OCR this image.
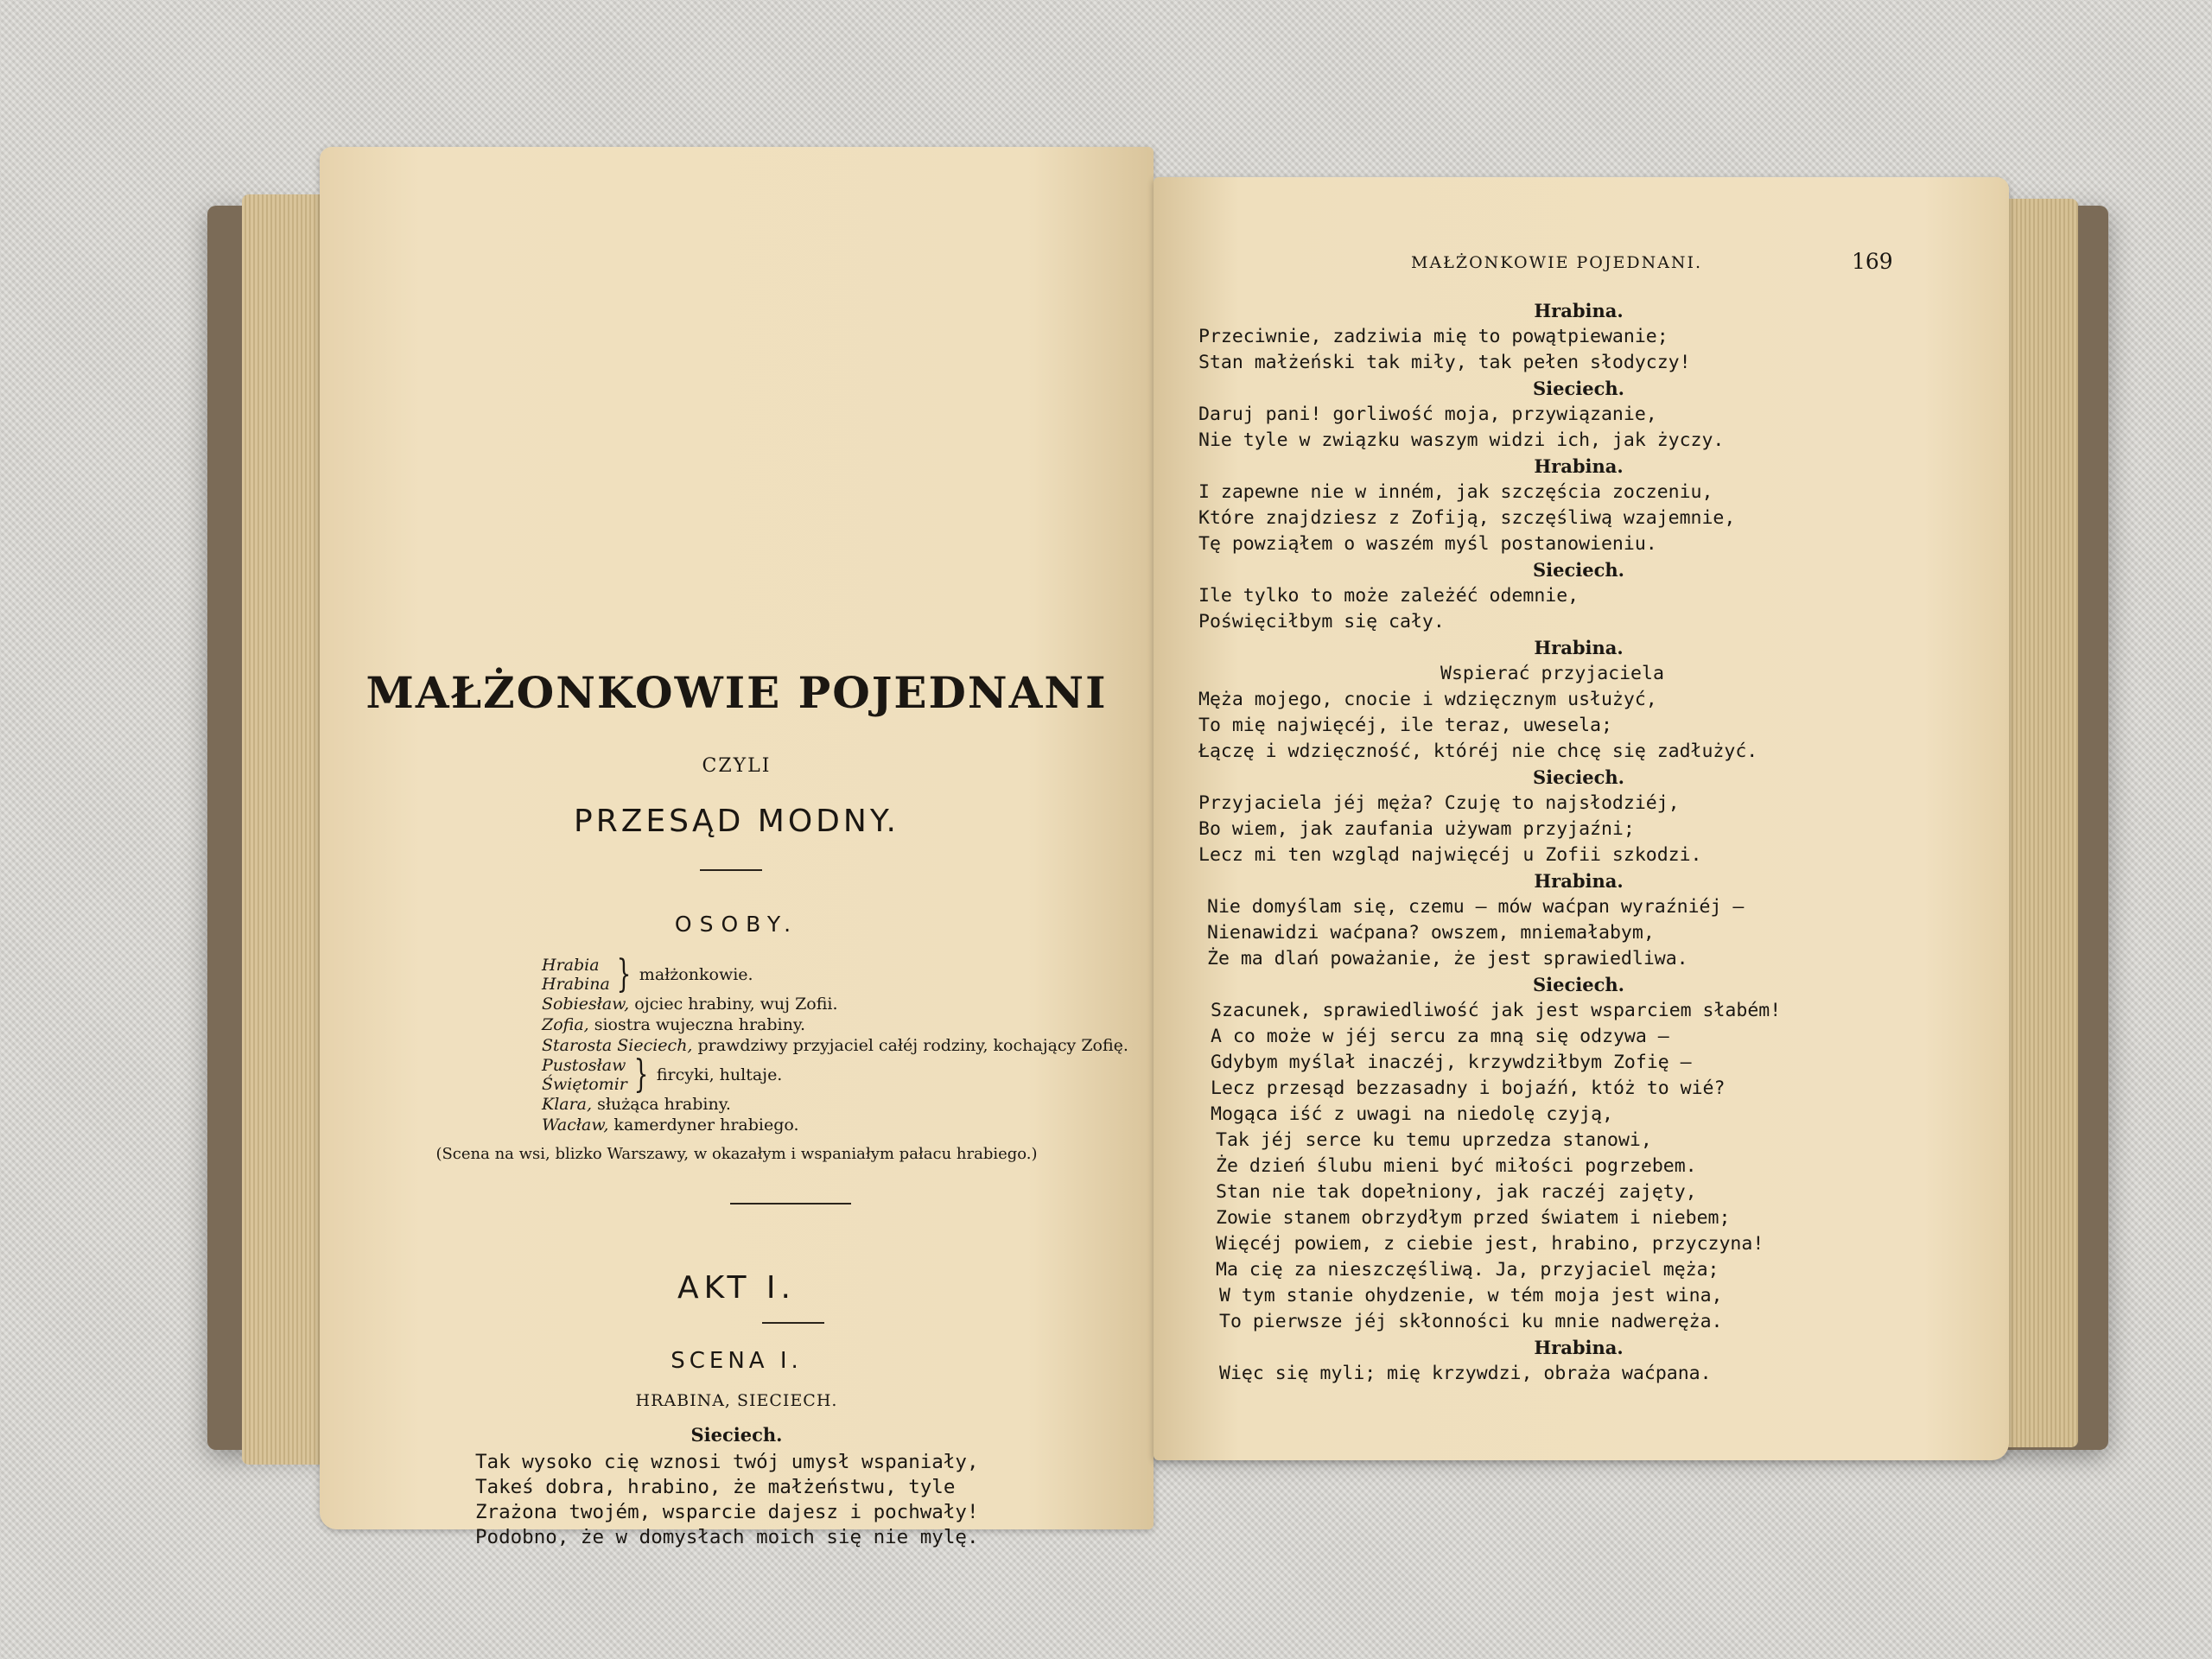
MAŁŻONKOWIE POJEDNANI
CZYLI
PRZESĄD MODNY.
OSOBY.
Hrabia
Hrabina } małżonkowie.
Sobiesław, ojciec hrabiny, wuj Zofii.
Zofia, siostra wujeczna hrabiny.
Starosta Sieciech, prawdziwy przyjaciel całéj rodziny, kochający Zofię.
Pustosław
Świętomir } fircyki, hultaje.
Klara, służąca hrabiny.
Wacław, kamerdyner hrabiego.
(Scena na wsi, blizko Warszawy, w okazałym i wspaniałym pałacu hrabiego.)
AKT I.
SCENA I.
HRABINA, SIECIECH.
Sieciech.
Tak wysoko cię wznosi twój umysł wspaniały,
Takeś dobra, hrabino, że małżeństwu, tyle
Zrażona twojém, wsparcie dajesz i pochwały!
Podobno, że w domysłach moich się nie mylę.
MAŁŻONKOWIE POJEDNANI.	169
Hrabina.
Przeciwnie, zadziwia mię to powątpiewanie;
Stan małżeński tak miły, tak pełen słodyczy!
Sieciech.
Daruj pani! gorliwość moja, przywiązanie,
Nie tyle w związku waszym widzi ich, jak życzy.
Hrabina.
I zapewne nie w inném, jak szczęścia zoczeniu,
Które znajdziesz z Zofiją, szczęśliwą wzajemnie,
Tę powziąłem o waszém myśl postanowieniu.
Sieciech.
Ile tylko to może zależéć odemnie,
Poświęciłbym się cały.
Hrabina.
Wspierać przyjaciela
Męża mojego, cnocie i wdzięcznym usłużyć,
To mię najwięcéj, ile teraz, uwesela;
Łączę i wdzięczność, któréj nie chcę się zadłużyć.
Sieciech.
Przyjaciela jéj męża? Czuję to najsłodziéj,
Bo wiem, jak zaufania używam przyjaźni;
Lecz mi ten wzgląd najwięcéj u Zofii szkodzi.
Hrabina.
Nie domyślam się, czemu — mów waćpan wyraźniéj —
Nienawidzi waćpana? owszem, mniemałabym,
Że ma dlań poważanie, że jest sprawiedliwa.
Sieciech.
Szacunek, sprawiedliwość jak jest wsparciem słabém!
A co może w jéj sercu za mną się odzywa —
Gdybym myślał inaczéj, krzywdziłbym Zofię —
Lecz przesąd bezzasadny i bojaźń, któż to wié?
Mogąca iść z uwagi na niedolę czyją,
Tak jéj serce ku temu uprzedza stanowi,
Że dzień ślubu mieni być miłości pogrzebem.
Stan nie tak dopełniony, jak raczéj zajęty,
Zowie stanem obrzydłym przed światem i niebem;
Więcéj powiem, z ciebie jest, hrabino, przyczyna!
Ma cię za nieszczęśliwą. Ja, przyjaciel męża;
W tym stanie ohydzenie, w tém moja jest wina,
To pierwsze jéj skłonności ku mnie nadweręża.
Hrabina.
Więc się myli; mię krzywdzi, obraża waćpana.
